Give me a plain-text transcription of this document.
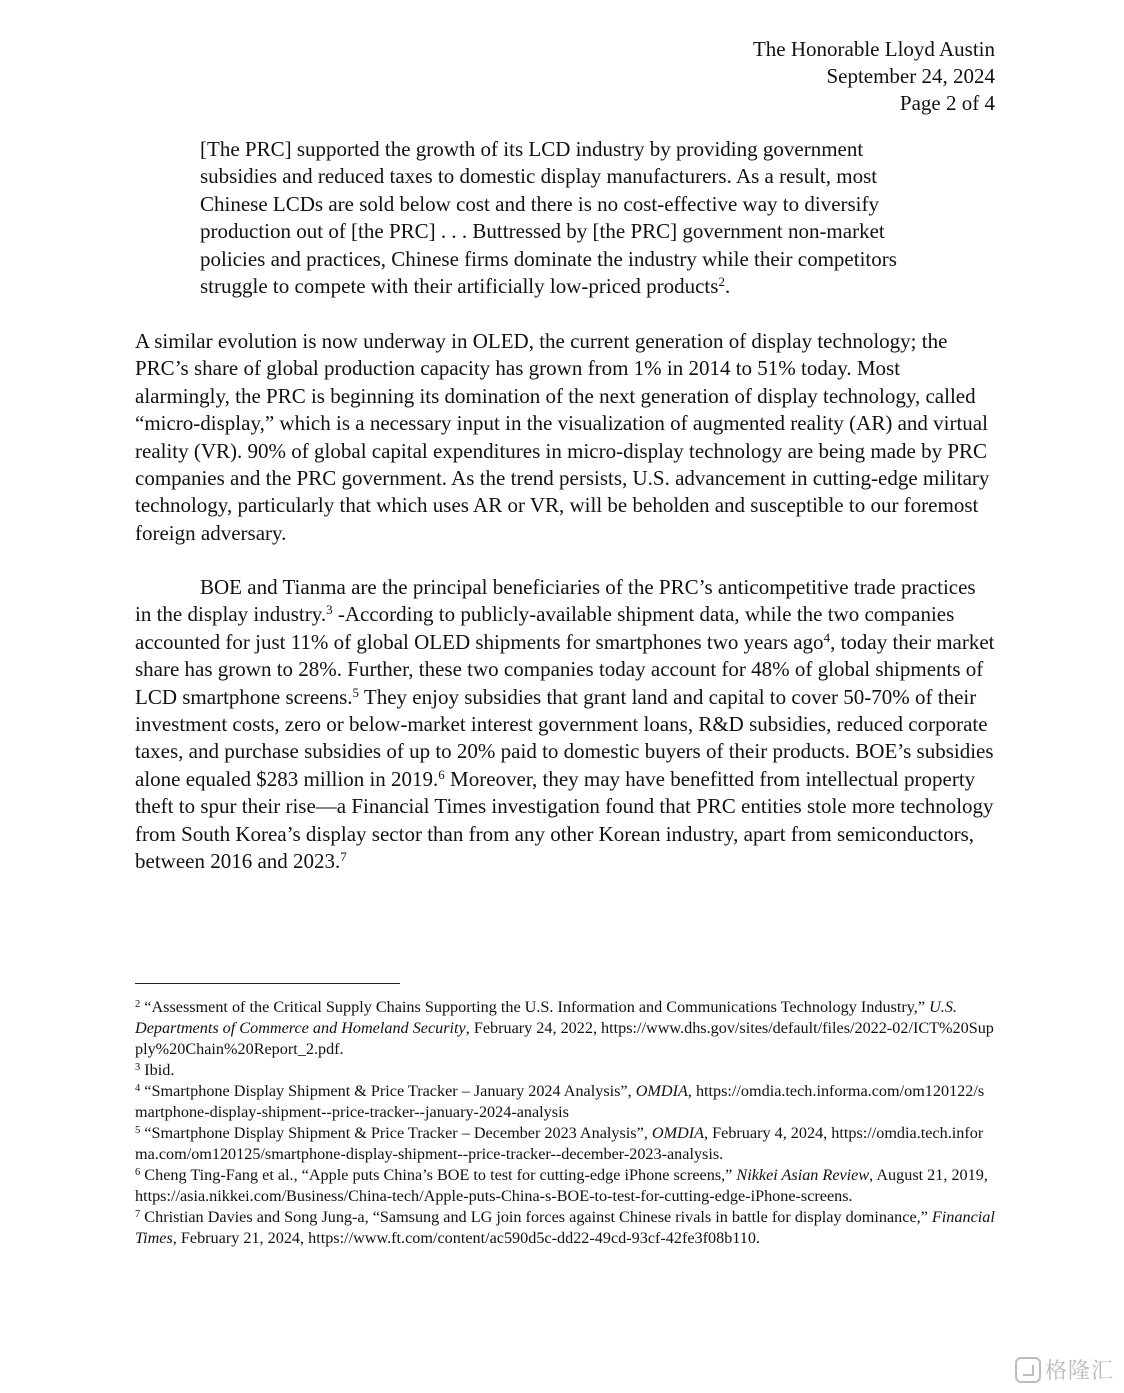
The Honorable Lloyd Austin
September 24, 2024
Page 2 of 4
[The PRC] supported the growth of its LCD industry by providing government subsidies and reduced taxes to domestic display manufacturers. As a result, most Chinese LCDs are sold below cost and there is no cost-effective way to diversify production out of [the PRC] . . . Buttressed by [the PRC] government non-market policies and practices, Chinese firms dominate the industry while their competitors struggle to compete with their artificially low-priced products$^2$.
A similar evolution is now underway in OLED, the current generation of display technology; the PRC’s share of global production capacity has grown from 1% in 2014 to 51% today. Most alarmingly, the PRC is beginning its domination of the next generation of display technology, called “micro-display,” which is a necessary input in the visualization of augmented reality (AR) and virtual reality (VR). 90% of global capital expenditures in micro-display technology are being made by PRC companies and the PRC government. As the trend persists, U.S. advancement in cutting-edge military technology, particularly that which uses AR or VR, will be beholden and susceptible to our foremost foreign adversary.
BOE and Tianma are the principal beneficiaries of the PRC’s anticompetitive trade practices in the display industry.$^3$ -According to publicly-available shipment data, while the two companies accounted for just 11% of global OLED shipments for smartphones two years ago$^4$, today their market share has grown to 28%. Further, these two companies today account for 48% of global shipments of LCD smartphone screens.$^5$ They enjoy subsidies that grant land and capital to cover 50-70% of their investment costs, zero or below-market interest government loans, R&D subsidies, reduced corporate taxes, and purchase subsidies of up to 20% paid to domestic buyers of their products. BOE’s subsidies alone equaled $283 million in 2019.$^6$ Moreover, they may have benefitted from intellectual property theft to spur their rise—a Financial Times investigation found that PRC entities stole more technology from South Korea’s display sector than from any other Korean industry, apart from semiconductors, between 2016 and 2023.$^7$

$^2$ “Assessment of the Critical Supply Chains Supporting the U.S. Information and Communications Technology Industry,” U.S. Departments of Commerce and Homeland Security, February 24, 2022, https://www.dhs.gov/sites/default/files/2022-02/ICT%20Supply%20Chain%20Report_2.pdf.

$^3$ Ibid.

$^4$ “Smartphone Display Shipment & Price Tracker – January 2024 Analysis”, OMDIA, https://omdia.tech.informa.com/om120122/smartphone-display-shipment--price-tracker--january-2024-analysis

$^5$ “Smartphone Display Shipment & Price Tracker – December 2023 Analysis”, OMDIA, February 4, 2024, https://omdia.tech.informa.com/om120125/smartphone-display-shipment--price-tracker--december-2023-analysis.

$^6$ Cheng Ting-Fang et al., “Apple puts China’s BOE to test for cutting-edge iPhone screens,” Nikkei Asian Review, August 21, 2019, https://asia.nikkei.com/Business/China-tech/Apple-puts-China-s-BOE-to-test-for-cutting-edge-iPhone-screens.

$^7$ Christian Davies and Song Jung-a, “Samsung and LG join forces against Chinese rivals in battle for display dominance,” Financial Times, February 21, 2024, https://www.ft.com/content/ac590d5c-dd22-49cd-93cf-42fe3f08b110.

格隆汇
